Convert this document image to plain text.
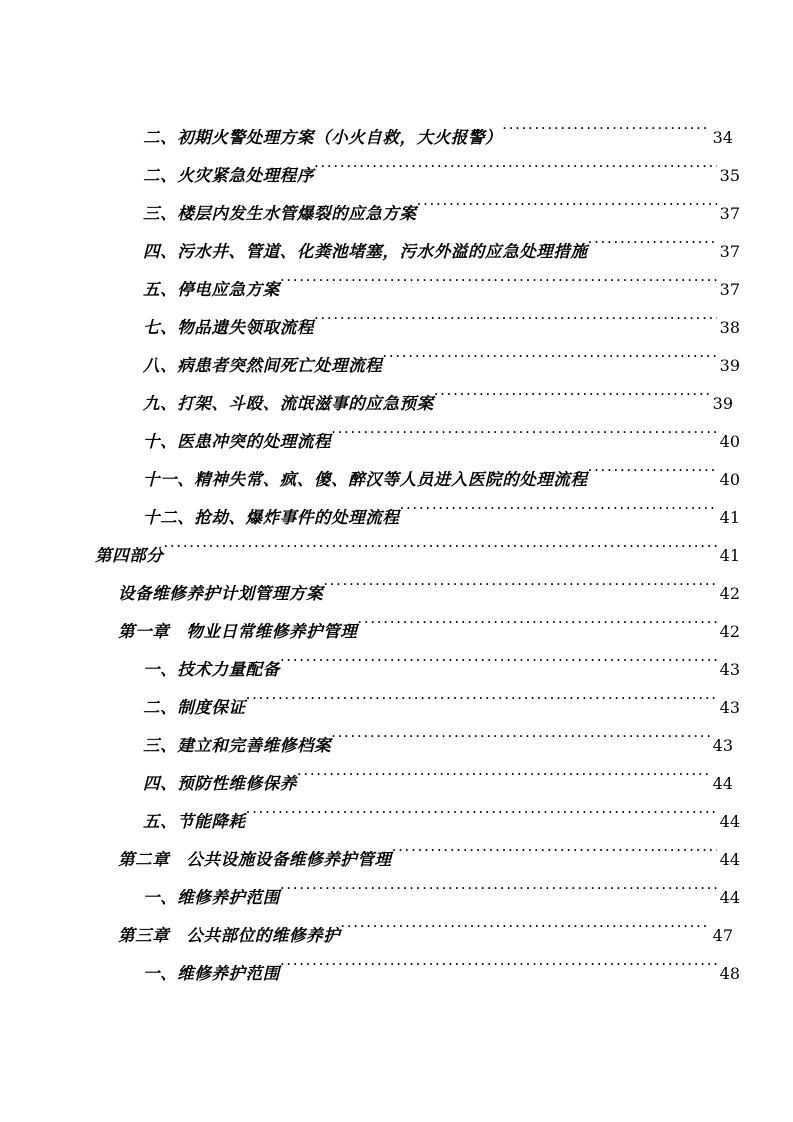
二、初期火警处理方案（小火自救，大火报警） .....	34
二、火灾紧急处理程序 .....	35
三、楼层内发生水管爆裂的应急方案 .....	37
四、污水井、管道、化粪池堵塞，污水外溢的应急处理措施 .....	37
五、停电应急方案 .....	37
七、物品遗失领取流程 .....	38
八、病患者突然间死亡处理流程 .....	39
九、打架、斗殴、流氓滋事的应急预案 .....	39
十、医患冲突的处理流程 .....	40
十一、精神失常、疯、傻、醉汉等人员进入医院的处理流程 .....	40
十二、抢劫、爆炸事件的处理流程 .....	41
第四部分 .....	41
设备维修养护计划管理方案 .....	42
第一章　物业日常维修养护管理 .....	42
一、技术力量配备 .....	43
二、制度保证 .....	43
三、建立和完善维修档案 .....	43
四、预防性维修保养 .....	44
五、节能降耗 .....	44
第二章　公共设施设备维修养护管理 .....	44
一、维修养护范围 .....	44
第三章　公共部位的维修养护 .....	47
一、维修养护范围 .....	48
